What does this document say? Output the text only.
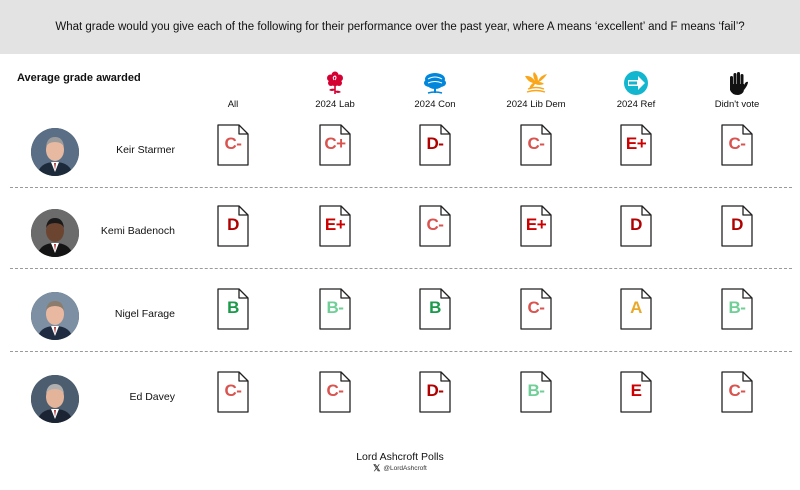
What grade would you give each of the following for their performance over the past year, where A means ‘excellent’ and F means ‘fail’?
Average grade awarded
All	2024 Lab	2024 Con	2024 Lib Dem	2024 Ref	Didn't vote
Keir Starmer	C-	C+	D-	C-	E+	C-
Kemi Badenoch	D	E+	C-	E+	D	D
Nigel Farage	B	B-	B	C-	A	B-
Ed Davey	C-	C-	D-	B-	E	C-
Lord Ashcroft Polls
𝕏 @LordAshcroft
